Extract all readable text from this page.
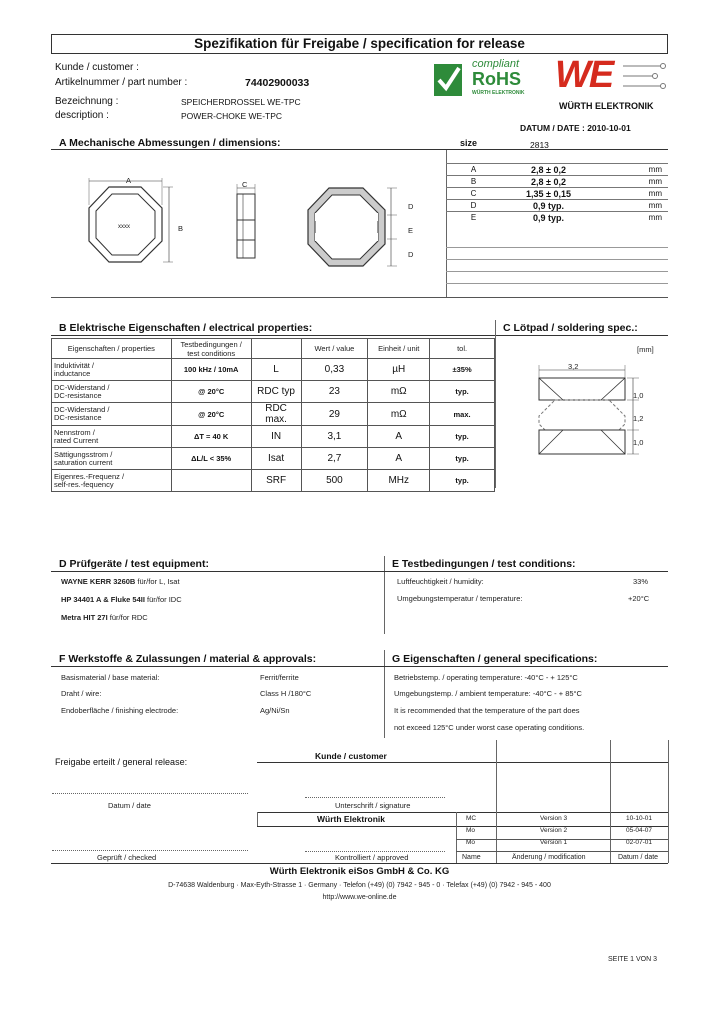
Spezifikation für Freigabe / specification for release
Kunde / customer :
Artikelnummer / part number :	74402900033
Bezeichnung :	SPEICHERDROSSEL WE-TPC
description :	POWER-CHOKE WE-TPC
compliant
RoHS
WÜRTH ELEKTRONIK WE
WÜRTH ELEKTRONIK
DATUM / DATE : 2010-10-01
A Mechanische Abmessungen / dimensions:	size	2813
A
B
xxxx
C
D
E
D
A	2,8 ± 0,2	mm
B	2,8 ± 0,2	mm
C	1,35 ± 0,15	mm
D	0,9 typ.	mm
E	0,9 typ.	mm
B Elektrische Eigenschaften / electrical properties:
Eigenschaften / properties	Testbedingungen / test conditions		Wert / value	Einheit / unit	tol.

Induktivität /
inductance	100 kHz / 10mA	L	0,33	µH	±35%

DC-Widerstand /
DC-resistance	@ 20°C	RDC typ	23	mΩ	typ.

DC-Widerstand /
DC-resistance	@ 20°C	RDC max.	29	mΩ	max.

Nennstrom /
rated Current	ΔT = 40 K	IN	3,1	A	typ.

Sättigungsstrom /
saturation current	ΔL/L < 35%	Isat	2,7	A	typ.

Eigenres.-Frequenz /
self-res.-fequency		SRF	500	MHz	typ.
C Lötpad / soldering spec.:
[mm]
3,2
1,0
1,2
1,0
D Prüfgeräte / test equipment:
WAYNE KERR 3260B für/for L, Isat
HP 34401 A & Fluke 54II für/for IDC
Metra HIT 27I für/for RDC
E Testbedingungen / test conditions:
Luftfeuchtigkeit / humidity:	33%
Umgebungstemperatur / temperature:	+20°C
F Werkstoffe & Zulassungen / material & approvals:
Basismaterial / base material:	Ferrit/ferrite
Draht / wire:	Class H /180°C
Endoberfläche / finishing electrode:	Ag/Ni/Sn
G Eigenschaften / general specifications:
Betriebstemp. / operating temperature: -40°C - + 125°C
Umgebungstemp. / ambient temperature: -40°C - + 85°C
It is recommended that the temperature of the part does
not exceed 125°C under worst case operating conditions.
Freigabe erteilt / general release:
Datum / date
Geprüft / checked
Kunde / customer
Unterschrift / signature
Würth Elektronik
Kontrolliert / approved
MC	Version 3	10-10-01
Mo	Version 2	05-04-07
Mo	Version 1	02-07-01
Name	Änderung / modification	Datum / date
Würth Elektronik eiSos GmbH & Co. KG
D-74638 Waldenburg · Max-Eyth-Strasse 1 · Germany · Telefon (+49) (0) 7942 - 945 - 0 · Telefax (+49) (0) 7942 - 945 - 400
http://www.we-online.de
SEITE 1 VON 3
